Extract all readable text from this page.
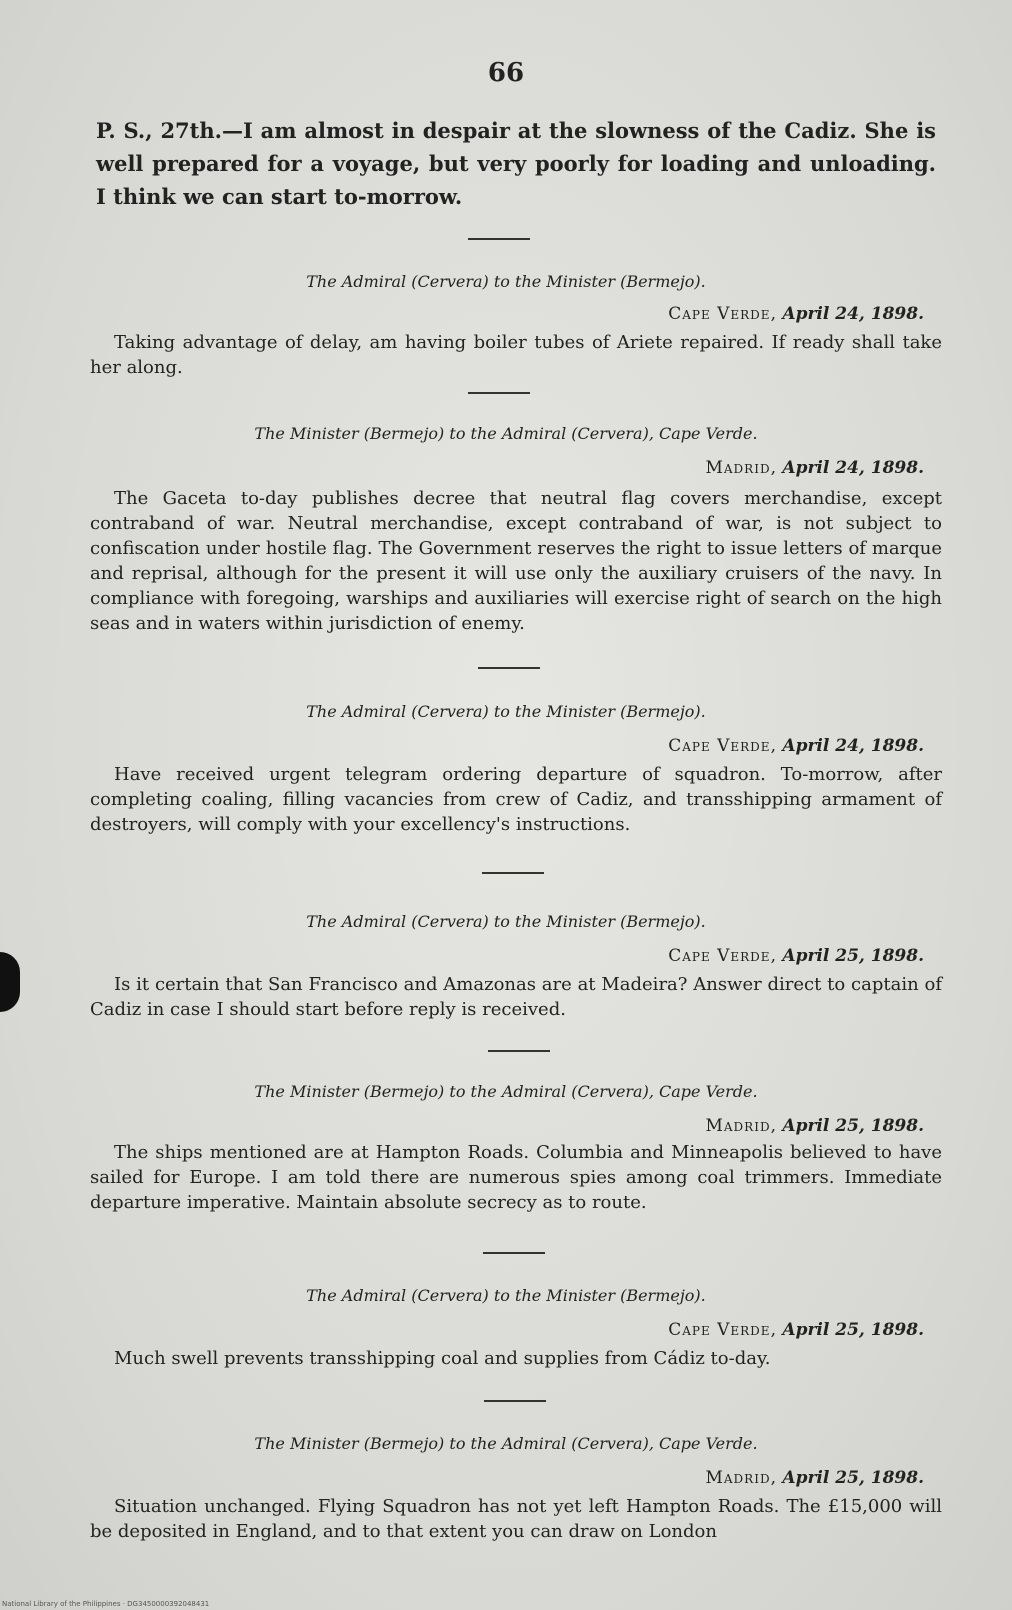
66
P. S., 27th.—I am almost in despair at the slowness of the Cadiz. She is well prepared for a voyage, but very poorly for loading and unloading. I think we can start to-morrow.
The Admiral (Cervera) to the Minister (Bermejo).
Cape Verde, April 24, 1898.
Taking advantage of delay, am having boiler tubes of Ariete repaired. If ready shall take her along.
The Minister (Bermejo) to the Admiral (Cervera), Cape Verde.
Madrid, April 24, 1898.
The Gaceta to-day publishes decree that neutral flag covers merchandise, except contraband of war. Neutral merchandise, except contraband of war, is not subject to confiscation under hostile flag. The Government reserves the right to issue letters of marque and reprisal, although for the present it will use only the auxiliary cruisers of the navy. In compliance with foregoing, warships and auxiliaries will exercise right of search on the high seas and in waters within jurisdiction of enemy.
The Admiral (Cervera) to the Minister (Bermejo).
Cape Verde, April 24, 1898.
Have received urgent telegram ordering departure of squadron. To-morrow, after completing coaling, filling vacancies from crew of Cadiz, and transshipping armament of destroyers, will comply with your excellency's instructions.
The Admiral (Cervera) to the Minister (Bermejo).
Cape Verde, April 25, 1898.
Is it certain that San Francisco and Amazonas are at Madeira? Answer direct to captain of Cadiz in case I should start before reply is received.
The Minister (Bermejo) to the Admiral (Cervera), Cape Verde.
Madrid, April 25, 1898.
The ships mentioned are at Hampton Roads. Columbia and Minneapolis believed to have sailed for Europe. I am told there are numerous spies among coal trimmers. Immediate departure imperative. Maintain absolute secrecy as to route.
The Admiral (Cervera) to the Minister (Bermejo).
Cape Verde, April 25, 1898.
Much swell prevents transshipping coal and supplies from Cádiz to-day.
The Minister (Bermejo) to the Admiral (Cervera), Cape Verde.
Madrid, April 25, 1898.
Situation unchanged. Flying Squadron has not yet left Hampton Roads. The £15,000 will be deposited in England, and to that extent you can draw on London
National Library of the Philippines · DG3450000392048431
